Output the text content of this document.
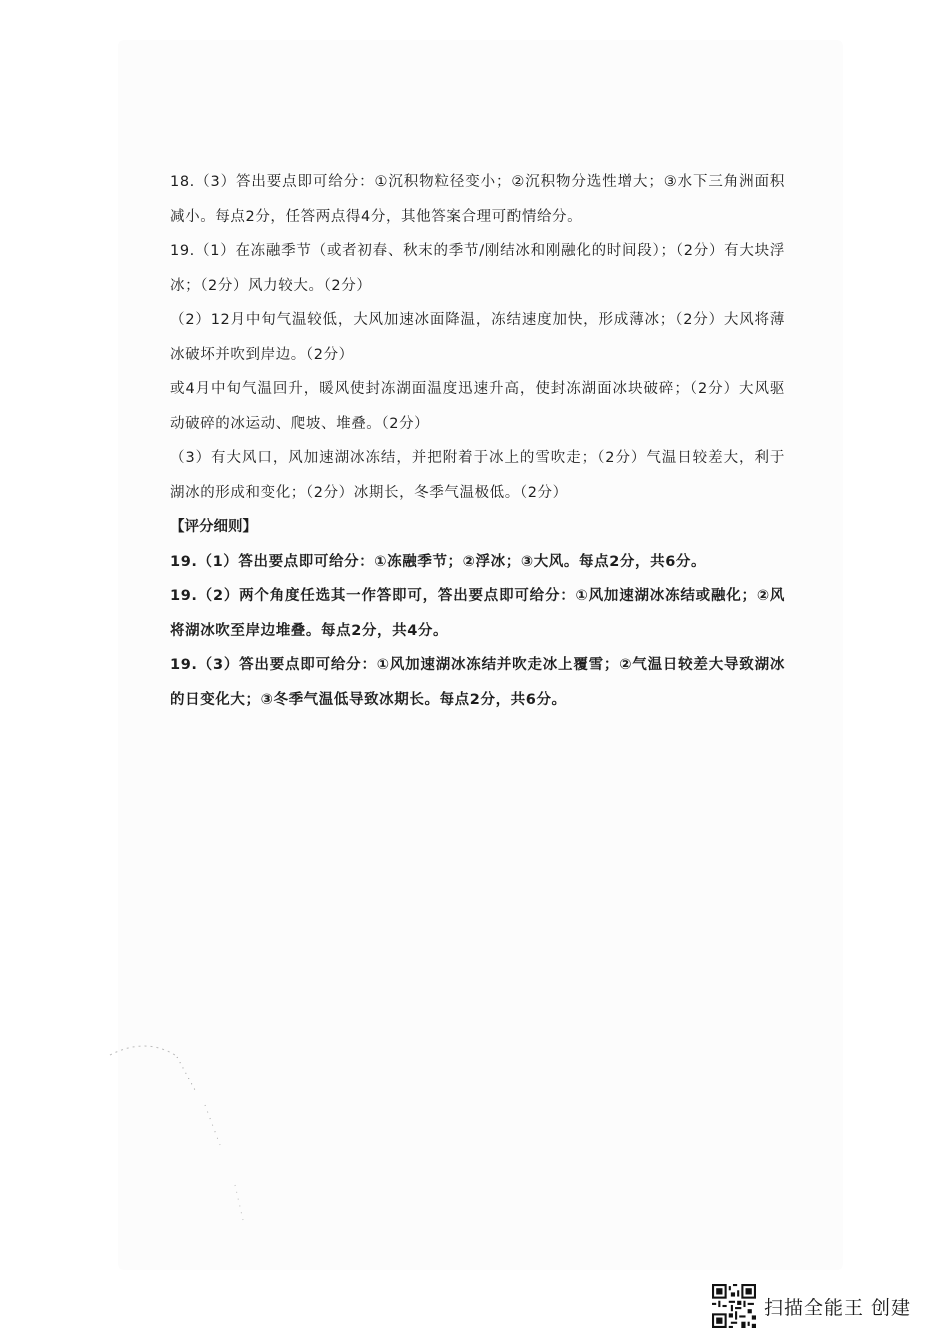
18.（3）答出要点即可给分：①沉积物粒径变小；②沉积物分选性增大；③水下三角洲面积减小。每点2分，任答两点得4分，其他答案合理可酌情给分。

19.（1）在冻融季节（或者初春、秋末的季节/刚结冰和刚融化的时间段）；（2分）有大块浮冰；（2分）风力较大。（2分）

（2）12月中旬气温较低，大风加速冰面降温，冻结速度加快，形成薄冰；（2分）大风将薄冰破坏并吹到岸边。（2分）

或4月中旬气温回升，暖风使封冻湖面温度迅速升高，使封冻湖面冰块破碎；（2分）大风驱动破碎的冰运动、爬坡、堆叠。（2分）

（3）有大风口，风加速湖冰冻结，并把附着于冰上的雪吹走；（2分）气温日较差大，利于湖冰的形成和变化；（2分）冰期长，冬季气温极低。（2分）

【评分细则】

19.（1）答出要点即可给分：①冻融季节；②浮冰；③大风。每点2分，共6分。

19.（2）两个角度任选其一作答即可，答出要点即可给分：①风加速湖冰冻结或融化；②风将湖冰吹至岸边堆叠。每点2分，共4分。

19.（3）答出要点即可给分：①风加速湖冰冻结并吹走冰上覆雪；②气温日较差大导致湖冰的日变化大；③冬季气温低导致冰期长。每点2分，共6分。

扫描全能王 创建
